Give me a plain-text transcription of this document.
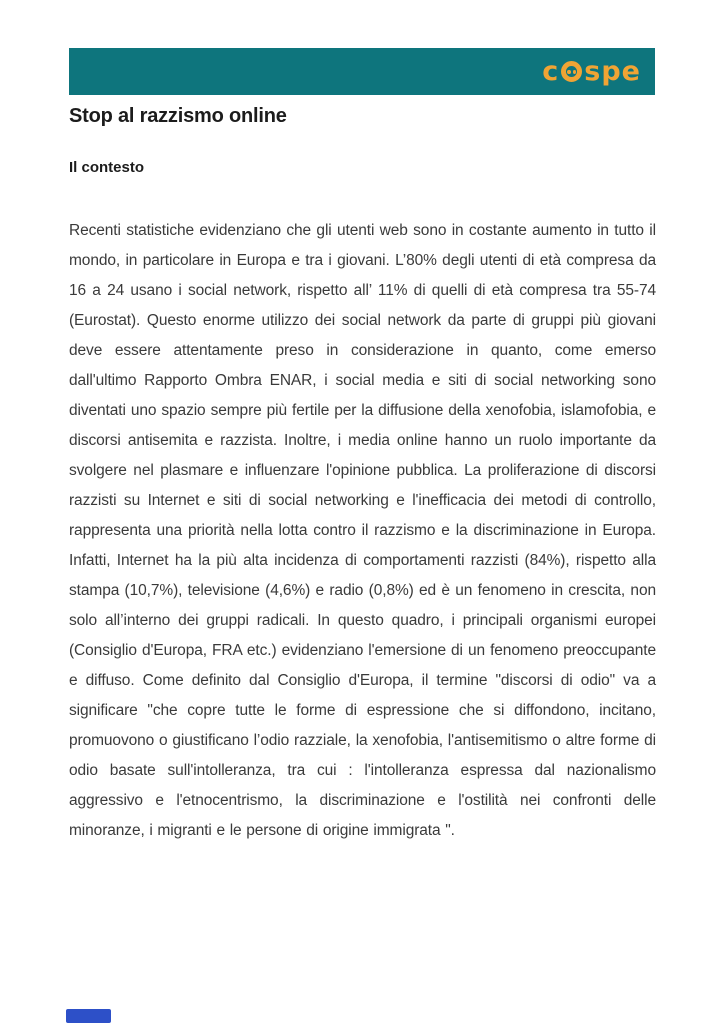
c spe
Stop al razzismo online
Il contesto

Recenti statistiche evidenziano che gli utenti web sono in costante aumento in tutto il mondo, in particolare in Europa e tra i giovani. L’80% degli utenti di età compresa da 16 a 24 usano i social network, rispetto all’ 11% di quelli di età compresa tra 55-74 (Eurostat). Questo enorme utilizzo dei social network da parte di gruppi più giovani deve essere attentamente preso in considerazione in quanto, come emerso dall'ultimo Rapporto Ombra ENAR, i social media e siti di social networking sono diventati uno spazio sempre più fertile per la diffusione della xenofobia, islamofobia, e discorsi antisemita e razzista. Inoltre, i media online hanno un ruolo importante da svolgere nel plasmare e influenzare l'opinione pubblica. La proliferazione di discorsi razzisti su Internet e siti di social networking e l'inefficacia dei metodi di controllo, rappresenta una priorità nella lotta contro il razzismo e la discriminazione in Europa. Infatti, Internet ha la più alta incidenza di comportamenti razzisti (84%), rispetto alla stampa (10,7%), televisione (4,6%) e radio (0,8%) ed è un fenomeno in crescita, non solo all’interno dei gruppi radicali. In questo quadro, i principali organismi europei (Consiglio d'Europa, FRA etc.) evidenziano l'emersione di un fenomeno preoccupante e diffuso. Come definito dal Consiglio d'Europa, il termine "discorsi di odio" va a significare "che copre tutte le forme di espressione che si diffondono, incitano, promuovono o giustificano l’odio razziale, la xenofobia, l'antisemitismo o altre forme di odio basate sull'intolleranza, tra cui : l'intolleranza espressa dal nazionalismo aggressivo e l'etnocentrismo, la discriminazione e l'ostilità nei confronti delle minoranze, i migranti e le persone di origine immigrata ".
